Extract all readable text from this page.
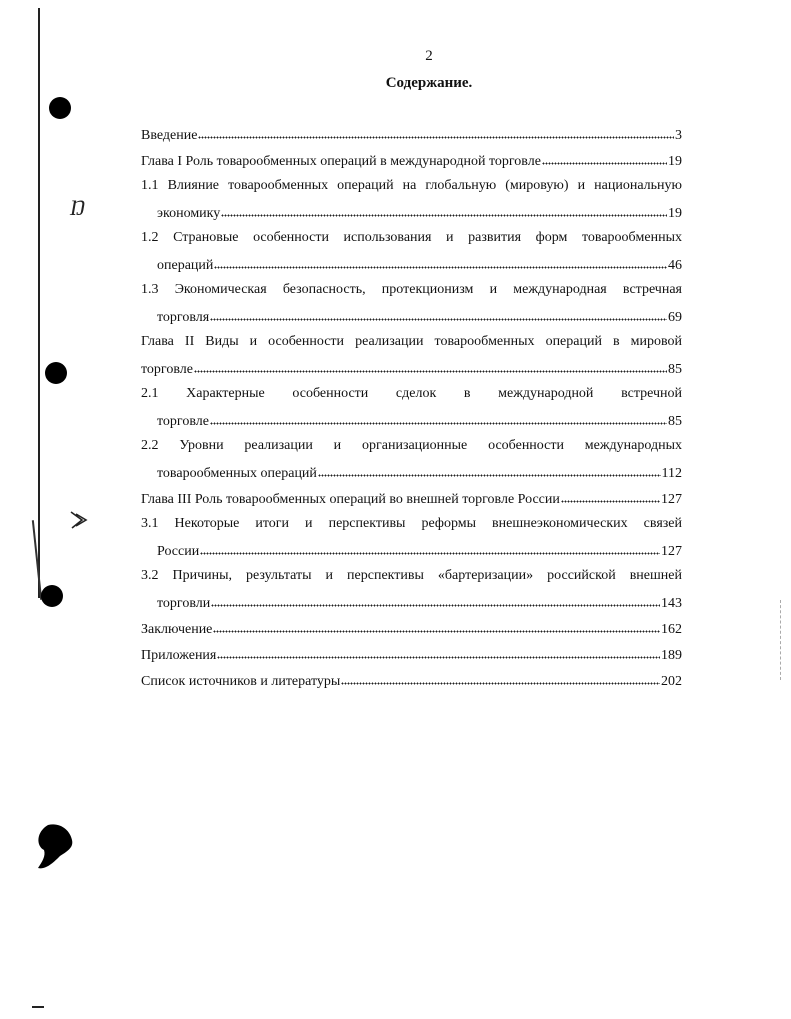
Ŋ
2
Содержание.
Введение	3
Глава I Роль товарообменных операций в международной торговле	19
1.1 Влияние товарообменных операций на глобальную (мировую) и национальную
экономику	19
1.2 Страновые особенности использования и развития форм товарообменных
операций	46
1.3 Экономическая безопасность, протекционизм и международная встречная
торговля	69
Глава II Виды и особенности реализации товарообменных операций в мировой
торговле	85
2.1 Характерные особенности сделок в международной встречной
торговле	85
2.2 Уровни реализации и организационные особенности международных
товарообменных операций	112
Глава III Роль товарообменных операций во внешней торговле России	127
3.1 Некоторые итоги и перспективы реформы внешнеэкономических связей
России	127
3.2 Причины, результаты и перспективы «бартеризации» российской внешней
торговли	143
Заключение	162
Приложения	189
Список источников и литературы	202
